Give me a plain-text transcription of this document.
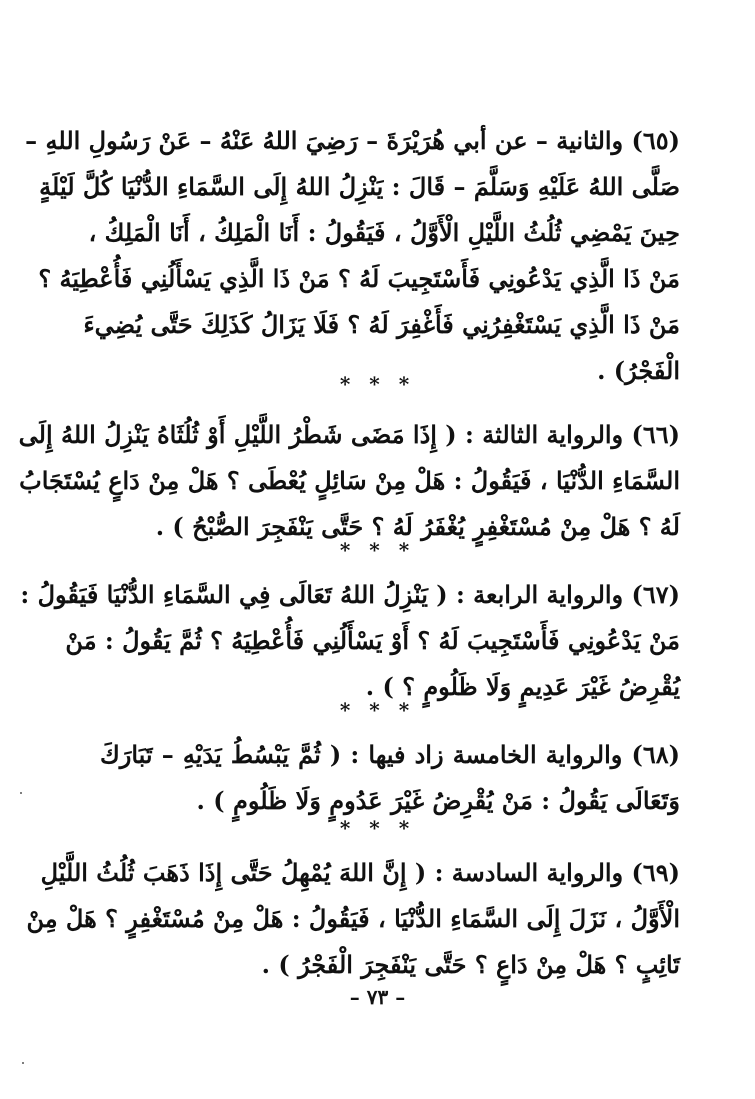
(٦٥) والثانية – عن أبي هُرَيْرَةَ – رَضِيَ اللهُ عَنْهُ – عَنْ رَسُولِ اللهِ –
صَلَّى اللهُ عَلَيْهِ وَسَلَّمَ – قَالَ : يَنْزِلُ اللهُ إِلَى السَّمَاءِ الدُّنْيَا كُلَّ لَيْلَةٍ
حِينَ يَمْضِي ثُلُثُ اللَّيْلِ الْأَوَّلُ ، فَيَقُولُ : أَنَا الْمَلِكُ ، أَنَا الْمَلِكُ ،
مَنْ ذَا الَّذِي يَدْعُونِي فَأَسْتَجِيبَ لَهُ ؟ مَنْ ذَا الَّذِي يَسْأَلُنِي فَأُعْطِيَهُ ؟
مَنْ ذَا الَّذِي يَسْتَغْفِرُنِي فَأَغْفِرَ لَهُ ؟ فَلَا يَزَالُ كَذَلِكَ حَتَّى يُضِيءَ
الْفَجْرُ) .
* * *
(٦٦) والرواية الثالثة : ( إِذَا مَضَى شَطْرُ اللَّيْلِ أَوْ ثُلُثَاهُ يَنْزِلُ اللهُ إِلَى
السَّمَاءِ الدُّنْيَا ، فَيَقُولُ : هَلْ مِنْ سَائِلٍ يُعْطَى ؟ هَلْ مِنْ دَاعٍ يُسْتَجَابُ
لَهُ ؟ هَلْ مِنْ مُسْتَغْفِرٍ يُغْفَرُ لَهُ ؟ حَتَّى يَنْفَجِرَ الصُّبْحُ ) .
* * *
(٦٧) والرواية الرابعة : ( يَنْزِلُ اللهُ تَعَالَى فِي السَّمَاءِ الدُّنْيَا فَيَقُولُ :
مَنْ يَدْعُونِي فَأَسْتَجِيبَ لَهُ ؟ أَوْ يَسْأَلُنِي فَأُعْطِيَهُ ؟ ثُمَّ يَقُولُ : مَنْ
يُقْرِضُ غَيْرَ عَدِيمٍ وَلَا ظَلُومٍ ؟ ) .
* * *
(٦٨) والرواية الخامسة زاد فيها : ( ثُمَّ يَبْسُطُ يَدَيْهِ – تَبَارَكَ
وَتَعَالَى يَقُولُ : مَنْ يُقْرِضُ غَيْرَ عَدُومٍ وَلَا ظَلُومٍ ) .
* * *
(٦٩) والرواية السادسة : ( إِنَّ اللهَ يُمْهِلُ حَتَّى إِذَا ذَهَبَ ثُلُثُ اللَّيْلِ
الْأَوَّلُ ، نَزَلَ إِلَى السَّمَاءِ الدُّنْيَا ، فَيَقُولُ : هَلْ مِنْ مُسْتَغْفِرٍ ؟ هَلْ مِنْ
تَائِبٍ ؟ هَلْ مِنْ دَاعٍ ؟ حَتَّى يَنْفَجِرَ الْفَجْرُ ) .
– ٧٣ –
